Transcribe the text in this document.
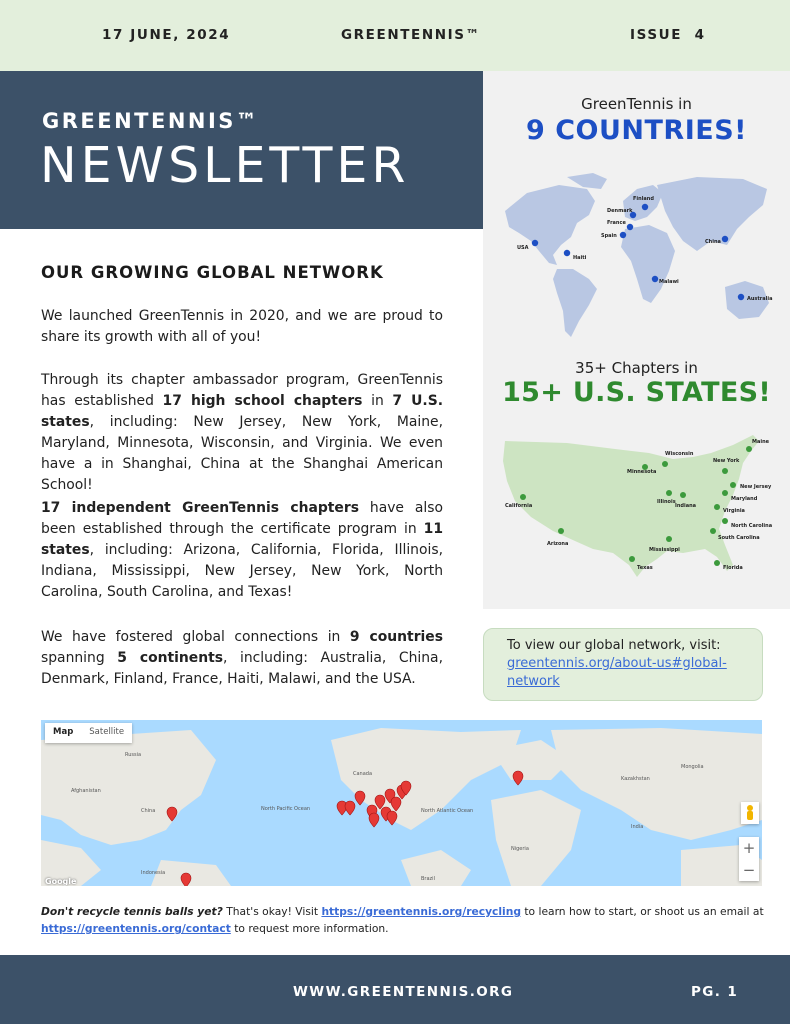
17 JUNE, 2024	GREENTENNIS™	ISSUE  4
GREENTENNIS™
NEWSLETTER
GreenTennis in
9 COUNTRIES!
Finland
Denmark
France
Spain
USA
Haiti
China
Malawi
Australia
35+ Chapters in
15+ U.S. STATES!
Maine
Wisconsin
Minnesota
New York
New Jersey
Maryland
Illinois
Indiana
Virginia
California
North Carolina
South Carolina
Arizona
Mississippi
Texas	Florida
OUR GROWING GLOBAL NETWORK

We launched GreenTennis in 2020, and we are proud to share its growth with all of you!

Through its chapter ambassador program, GreenTennis has established 17 high school chapters in 7 U.S. states, including: New Jersey, New York, Maine, Maryland, Minnesota, Wisconsin, and Virginia. We even have a in Shanghai, China at the Shanghai American School!

17 independent GreenTennis chapters have also been established through the certificate program in 11 states, including: Arizona, California, Florida, Illinois, Indiana, Mississippi, New Jersey, New York, North Carolina, South Carolina, and Texas!

We have fostered global connections in 9 countries spanning 5 continents, including: Australia, China, Denmark, Finland, France, Haiti, Malawi, and the USA.

To view our global network, visit:
greentennis.org/about-us#global-network
North Pacific Ocean	North Atlantic Ocean
Russia
China
Canada
Brazil
Nigeria
India
Kazakhstan
Afghanistan
Mongolia
Indonesia
Map	Satellite
+
−
Google
Don't recycle tennis balls yet? That's okay! Visit https://greentennis.org/recycling to learn how to start, or shoot us an email at https://greentennis.org/contact to request more information.
WWW.GREENTENNIS.ORG	PG. 1
